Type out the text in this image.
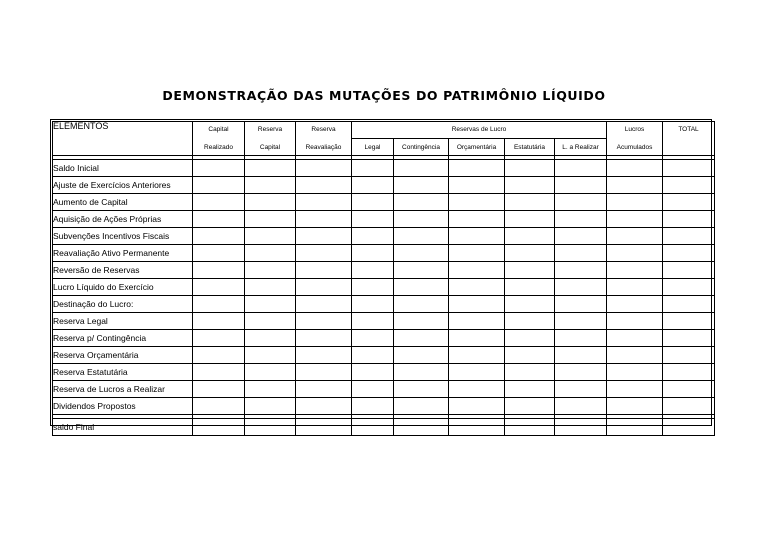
DEMONSTRAÇÃO DAS MUTAÇÕES DO PATRIMÔNIO LÍQUIDO
ELEMENTOS	Capital	Reserva	Reserva	Reservas de Lucro					Lucros	TOTAL
	Realizado	Capital	Reavaliação	Legal	Contingência	Orçamentária	Estatutária	L. a Realizar	Acumulados	

Saldo Inicial										
Ajuste de Exercícios Anteriores										
Aumento de Capital										
Aquisição de Ações Próprias										
Subvenções Incentivos Fiscais										
Reavaliação Ativo Permanente										
Reversão de Reservas										
Lucro Líquido do Exercício										
Destinação do Lucro:										
Reserva Legal										
Reserva p/ Contingência										
Reserva Orçamentária										
Reserva Estatutária										
Reserva de Lucros a Realizar										
Dividendos Propostos										

saldo Final										
